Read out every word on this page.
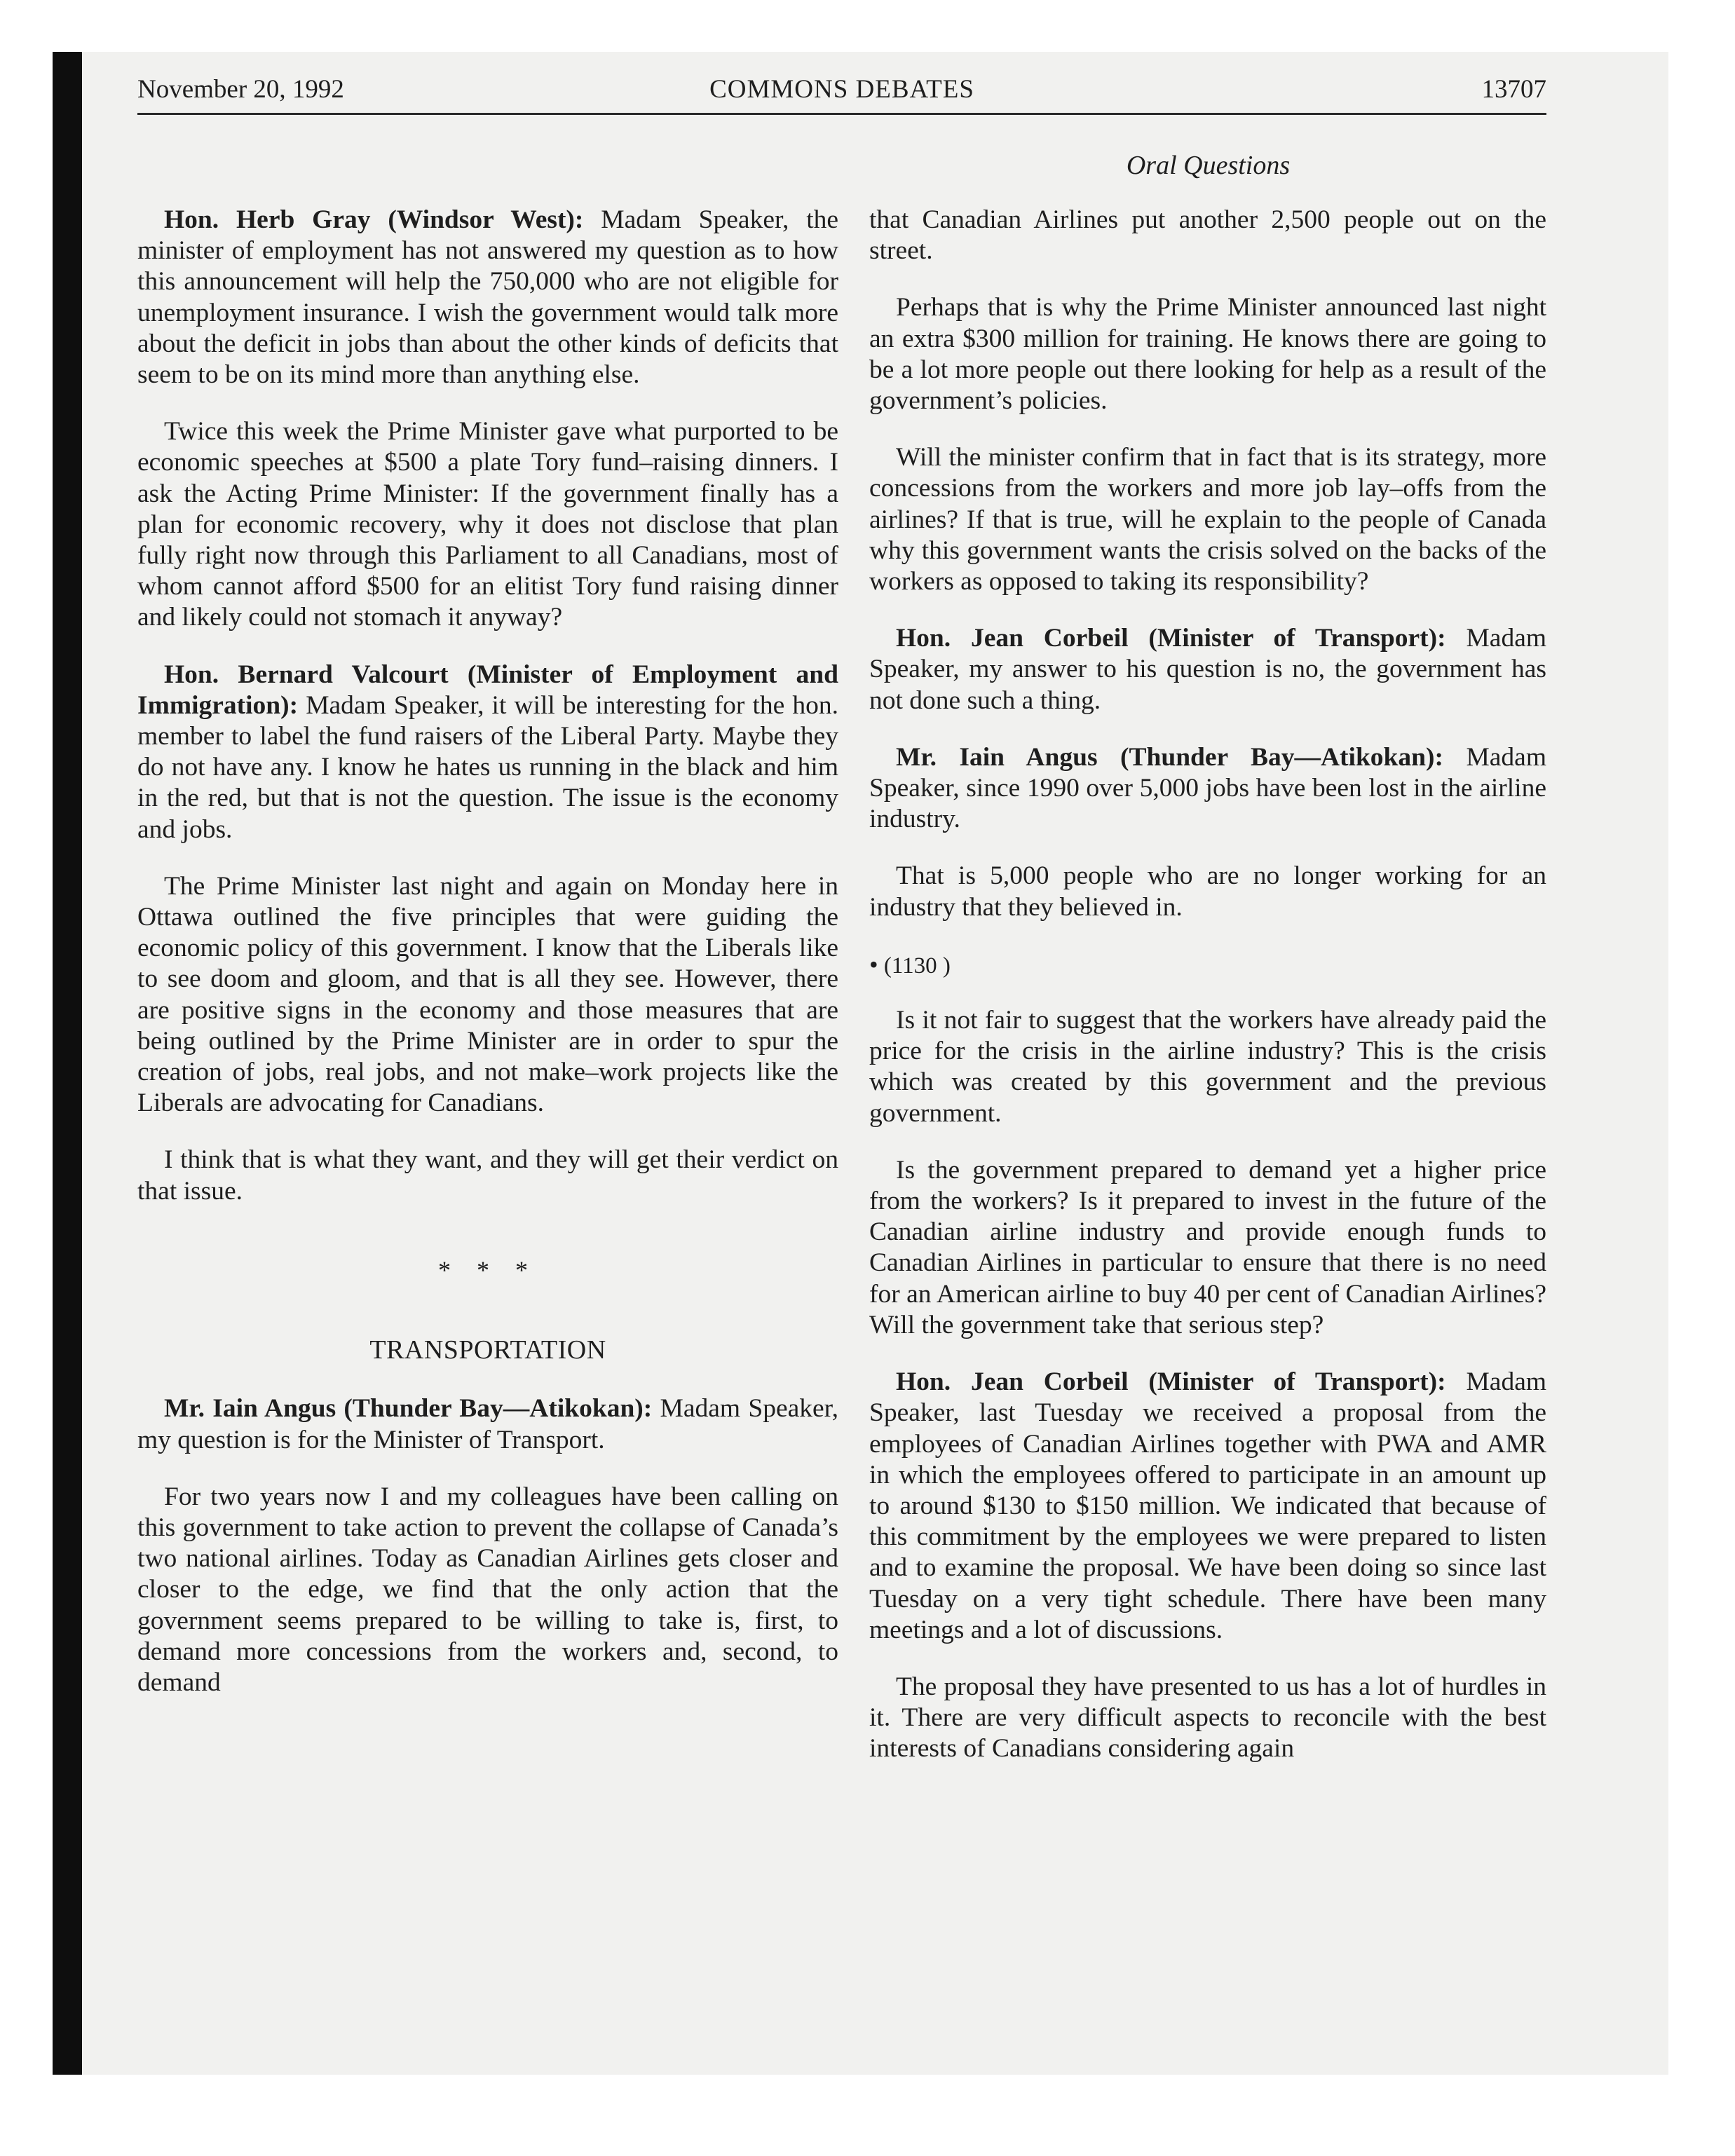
November 20, 1992	COMMONS DEBATES	13707
Oral Questions

Hon. Herb Gray (Windsor West): Madam Speaker, the minister of employment has not answered my question as to how this announcement will help the 750,000 who are not eligible for unemployment insurance. I wish the government would talk more about the deficit in jobs than about the other kinds of deficits that seem to be on its mind more than anything else.

Twice this week the Prime Minister gave what purported to be economic speeches at $500 a plate Tory fund–raising dinners. I ask the Acting Prime Minister: If the government finally has a plan for economic recovery, why it does not disclose that plan fully right now through this Parliament to all Canadians, most of whom cannot afford $500 for an elitist Tory fund raising dinner and likely could not stomach it anyway?

Hon. Bernard Valcourt (Minister of Employment and Immigration): Madam Speaker, it will be interesting for the hon. member to label the fund raisers of the Liberal Party. Maybe they do not have any. I know he hates us running in the black and him in the red, but that is not the question. The issue is the economy and jobs.

The Prime Minister last night and again on Monday here in Ottawa outlined the five principles that were guiding the economic policy of this government. I know that the Liberals like to see doom and gloom, and that is all they see. However, there are positive signs in the economy and those measures that are being outlined by the Prime Minister are in order to spur the creation of jobs, real jobs, and not make–work projects like the Liberals are advocating for Canadians.

I think that is what they want, and they will get their verdict on that issue.

* * *
TRANSPORTATION

Mr. Iain Angus (Thunder Bay—Atikokan): Madam Speaker, my question is for the Minister of Transport.

For two years now I and my colleagues have been calling on this government to take action to prevent the collapse of Canada’s two national airlines. Today as Canadian Airlines gets closer and closer to the edge, we find that the only action that the government seems prepared to be willing to take is, first, to demand more concessions from the workers and, second, to demand

that Canadian Airlines put another 2,500 people out on the street.

Perhaps that is why the Prime Minister announced last night an extra $300 million for training. He knows there are going to be a lot more people out there looking for help as a result of the government’s policies.

Will the minister confirm that in fact that is its strategy, more concessions from the workers and more job lay–offs from the airlines? If that is true, will he explain to the people of Canada why this government wants the crisis solved on the backs of the workers as opposed to taking its responsibility?

Hon. Jean Corbeil (Minister of Transport): Madam Speaker, my answer to his question is no, the government has not done such a thing.

Mr. Iain Angus (Thunder Bay—Atikokan): Madam Speaker, since 1990 over 5,000 jobs have been lost in the airline industry.

That is 5,000 people who are no longer working for an industry that they believed in.

• (1130 )

Is it not fair to suggest that the workers have already paid the price for the crisis in the airline industry? This is the crisis which was created by this government and the previous government.

Is the government prepared to demand yet a higher price from the workers? Is it prepared to invest in the future of the Canadian airline industry and provide enough funds to Canadian Airlines in particular to ensure that there is no need for an American airline to buy 40 per cent of Canadian Airlines? Will the government take that serious step?

Hon. Jean Corbeil (Minister of Transport): Madam Speaker, last Tuesday we received a proposal from the employees of Canadian Airlines together with PWA and AMR in which the employees offered to participate in an amount up to around $130 to $150 million. We indicated that because of this commitment by the employees we were prepared to listen and to examine the proposal. We have been doing so since last Tuesday on a very tight schedule. There have been many meetings and a lot of discussions.

The proposal they have presented to us has a lot of hurdles in it. There are very difficult aspects to reconcile with the best interests of Canadians considering again
